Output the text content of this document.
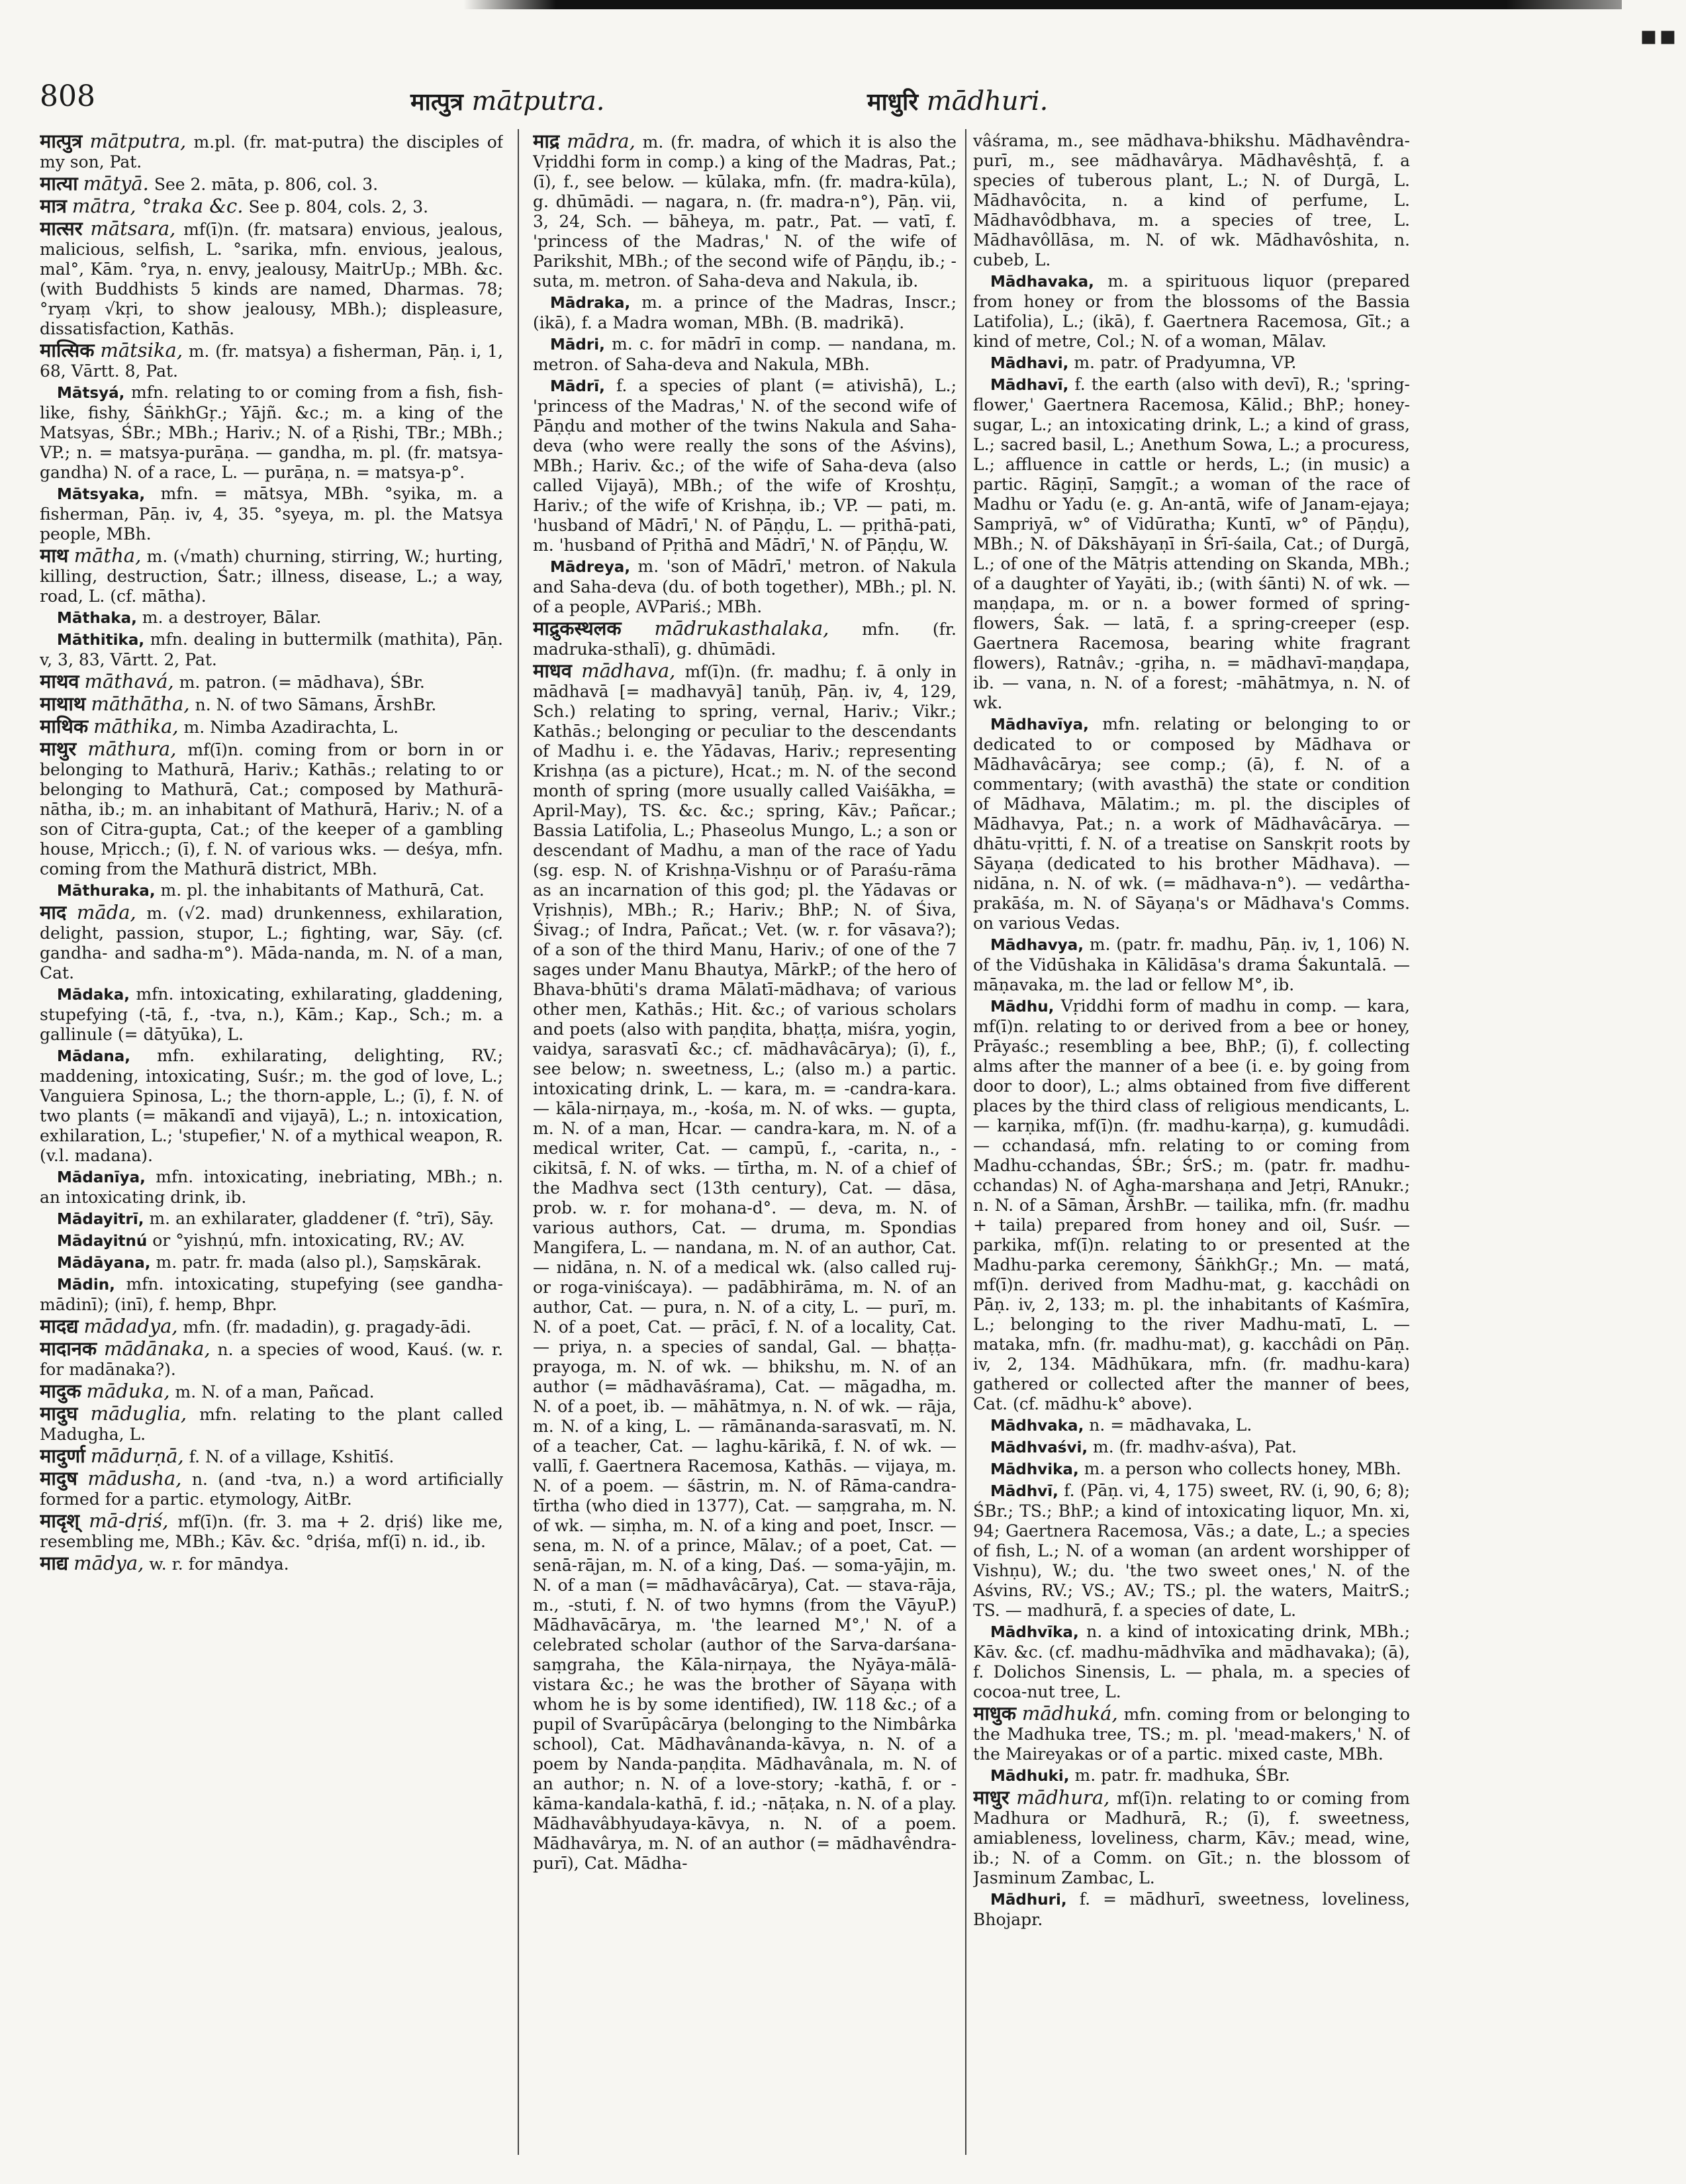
▪ ▪
808	मात्पुत्र mātputra.	माधुरि mādhuri.
मात्पुत्र mātputra, m.pl. (fr. mat-putra) the disciples of my son, Pat.
मात्या mātyā. See 2. māta, p. 806, col. 3.
मात्र mātra, °traka &c. See p. 804, cols. 2, 3.
मात्सर mātsara, mf(ī)n. (fr. matsara) envious, jealous, malicious, selfish, L. °sarika, mfn. envious, jealous, mal°, Kām. °rya, n. envy, jealousy, MaitrUp.; MBh. &c. (with Buddhists 5 kinds are named, Dharmas. 78; °ryaṃ √kṛi, to show jealousy, MBh.); displeasure, dissatisfaction, Kathās.
मात्सिक mātsika, m. (fr. matsya) a fisherman, Pāṇ. i, 1, 68, Vārtt. 8, Pat.
Mātsyá, mfn. relating to or coming from a fish, fish-like, fishy, ŚāṅkhGṛ.; Yājñ. &c.; m. a king of the Matsyas, ŚBr.; MBh.; Hariv.; N. of a Ṛishi, TBr.; MBh.; VP.; n. = matsya-purāṇa. — gandha, m. pl. (fr. matsya-gandha) N. of a race, L. — purāṇa, n. = matsya-p°.
Mātsyaka, mfn. = mātsya, MBh. °syika, m. a fisherman, Pāṇ. iv, 4, 35. °syeya, m. pl. the Matsya people, MBh.
माथ mātha, m. (√math) churning, stirring, W.; hurting, killing, destruction, Śatr.; illness, disease, L.; a way, road, L. (cf. mātha).
Māthaka, m. a destroyer, Bālar.
Māthitika, mfn. dealing in buttermilk (mathita), Pāṇ. v, 3, 83, Vārtt. 2, Pat.
माथव māthavá, m. patron. (= mādhava), ŚBr.
माथाथ māthātha, n. N. of two Sāmans, ĀrshBr.
माथिक māthika, m. Nimba Azadirachta, L.
माथुर māthura, mf(ī)n. coming from or born in or belonging to Mathurā, Hariv.; Kathās.; relating to or belonging to Mathurā, Cat.; composed by Mathurā-nātha, ib.; m. an inhabitant of Mathurā, Hariv.; N. of a son of Citra-gupta, Cat.; of the keeper of a gambling house, Mṛicch.; (ī), f. N. of various wks. — deśya, mfn. coming from the Mathurā district, MBh.
Māthuraka, m. pl. the inhabitants of Mathurā, Cat.
माद māda, m. (√2. mad) drunkenness, exhilaration, delight, passion, stupor, L.; fighting, war, Sāy. (cf. gandha- and sadha-m°). Māda-nanda, m. N. of a man, Cat.
Mādaka, mfn. intoxicating, exhilarating, gladdening, stupefying (-tā, f., -tva, n.), Kām.; Kap., Sch.; m. a gallinule (= dātyūka), L.
Mādana, mfn. exhilarating, delighting, RV.; maddening, intoxicating, Suśr.; m. the god of love, L.; Vanguiera Spinosa, L.; the thorn-apple, L.; (ī), f. N. of two plants (= mākandī and vijayā), L.; n. intoxication, exhilaration, L.; 'stupefier,' N. of a mythical weapon, R. (v.l. madana).
Mādanīya, mfn. intoxicating, inebriating, MBh.; n. an intoxicating drink, ib.
Mādayitrī, m. an exhilarater, gladdener (f. °trī), Sāy.
Mādayitnú or °yishṇú, mfn. intoxicating, RV.; AV.
Mādāyana, m. patr. fr. mada (also pl.), Saṃskārak.
Mādin, mfn. intoxicating, stupefying (see gandha-mādinī); (inī), f. hemp, Bhpr.
मादद्य mādadya, mfn. (fr. madadin), g. pragady-ādi.
मादानक mādānaka, n. a species of wood, Kauś. (w. r. for madānaka?).
मादुक māduka, m. N. of a man, Pañcad.
मादुघ māduglia, mfn. relating to the plant called Madugha, L.
मादुर्णा mādurṇā, f. N. of a village, Kshitīś.
मादुष mādusha, n. (and -tva, n.) a word artificially formed for a partic. etymology, AitBr.
मादृश् mā-dṛiś, mf(ī)n. (fr. 3. ma + 2. dṛiś) like me, resembling me, MBh.; Kāv. &c. °dṛiśa, mf(ī) n. id., ib.
माद्य mādya, w. r. for māndya.
माद्र mādra, m. (fr. madra, of which it is also the Vṛiddhi form in comp.) a king of the Madras, Pat.; (ī), f., see below. — kūlaka, mfn. (fr. madra-kūla), g. dhūmādi. — nagara, n. (fr. madra-n°), Pāṇ. vii, 3, 24, Sch. — bāheya, m. patr., Pat. — vatī, f. 'princess of the Madras,' N. of the wife of Parikshit, MBh.; of the second wife of Pāṇḍu, ib.; -suta, m. metron. of Saha-deva and Nakula, ib.
Mādraka, m. a prince of the Madras, Inscr.; (ikā), f. a Madra woman, MBh. (B. madrikā).
Mādri, m. c. for mādrī in comp. — nandana, m. metron. of Saha-deva and Nakula, MBh.
Mādrī, f. a species of plant (= ativishā), L.; 'princess of the Madras,' N. of the second wife of Pāṇḍu and mother of the twins Nakula and Saha-deva (who were really the sons of the Aśvins), MBh.; Hariv. &c.; of the wife of Saha-deva (also called Vijayā), MBh.; of the wife of Kroshṭu, Hariv.; of the wife of Krishṇa, ib.; VP. — pati, m. 'husband of Mādrī,' N. of Pāṇḍu, L. — pṛithā-pati, m. 'husband of Pṛithā and Mādrī,' N. of Pāṇḍu, W.
Mādreya, m. 'son of Mādrī,' metron. of Nakula and Saha-deva (du. of both together), MBh.; pl. N. of a people, AVPariś.; MBh.
माद्रुकस्थलक mādrukasthalaka, mfn. (fr. madruka-sthalī), g. dhūmādi.
माधव mādhava, mf(ī)n. (fr. madhu; f. ā only in mādhavā [= madhavyā] tanūḥ, Pāṇ. iv, 4, 129, Sch.) relating to spring, vernal, Hariv.; Vikr.; Kathās.; belonging or peculiar to the descendants of Madhu i. e. the Yādavas, Hariv.; representing Krishṇa (as a picture), Hcat.; m. N. of the second month of spring (more usually called Vaiśākha, = April-May), TS. &c. &c.; spring, Kāv.; Pañcar.; Bassia Latifolia, L.; Phaseolus Mungo, L.; a son or descendant of Madhu, a man of the race of Yadu (sg. esp. N. of Krishṇa-Vishṇu or of Paraśu-rāma as an incarnation of this god; pl. the Yādavas or Vṛishṇis), MBh.; R.; Hariv.; BhP.; N. of Śiva, Śivag.; of Indra, Pañcat.; Vet. (w. r. for vāsava?); of a son of the third Manu, Hariv.; of one of the 7 sages under Manu Bhautya, MārkP.; of the hero of Bhava-bhūti's drama Mālatī-mādhava; of various other men, Kathās.; Hit. &c.; of various scholars and poets (also with paṇḍita, bhaṭṭa, miśra, yogin, vaidya, sarasvatī &c.; cf. mādhavâcārya); (ī), f., see below; n. sweetness, L.; (also m.) a partic. intoxicating drink, L. — kara, m. = -candra-kara. — kāla-nirṇaya, m., -kośa, m. N. of wks. — gupta, m. N. of a man, Hcar. — candra-kara, m. N. of a medical writer, Cat. — campū, f., -carita, n., -cikitsā, f. N. of wks. — tīrtha, m. N. of a chief of the Madhva sect (13th century), Cat. — dāsa, prob. w. r. for mohana-d°. — deva, m. N. of various authors, Cat. — druma, m. Spondias Mangifera, L. — nandana, m. N. of an author, Cat. — nidāna, n. N. of a medical wk. (also called ruj- or roga-viniścaya). — padābhirāma, m. N. of an author, Cat. — pura, n. N. of a city, L. — purī, m. N. of a poet, Cat. — prācī, f. N. of a locality, Cat. — priya, n. a species of sandal, Gal. — bhaṭṭa-prayoga, m. N. of wk. — bhikshu, m. N. of an author (= mādhavāśrama), Cat. — māgadha, m. N. of a poet, ib. — māhātmya, n. N. of wk. — rāja, m. N. of a king, L. — rāmānanda-sarasvatī, m. N. of a teacher, Cat. — laghu-kārikā, f. N. of wk. — vallī, f. Gaertnera Racemosa, Kathās. — vijaya, m. N. of a poem. — śāstrin, m. N. of Rāma-candra-tīrtha (who died in 1377), Cat. — saṃgraha, m. N. of wk. — siṃha, m. N. of a king and poet, Inscr. — sena, m. N. of a prince, Mālav.; of a poet, Cat. — senā-rājan, m. N. of a king, Daś. — soma-yājin, m. N. of a man (= mādhavâcārya), Cat. — stava-rāja, m., -stuti, f. N. of two hymns (from the VāyuP.) Mādhavācārya, m. 'the learned M°,' N. of a celebrated scholar (author of the Sarva-darśana-saṃgraha, the Kāla-nirṇaya, the Nyāya-mālā-vistara &c.; he was the brother of Sāyaṇa with whom he is by some identified), IW. 118 &c.; of a pupil of Svarūpâcārya (belonging to the Nimbârka school), Cat. Mādhavânanda-kāvya, n. N. of a poem by Nanda-paṇḍita. Mādhavânala, m. N. of an author; n. N. of a love-story; -kathā, f. or -kāma-kandala-kathā, f. id.; -nāṭaka, n. N. of a play. Mādhavâbhyudaya-kāvya, n. N. of a poem. Mādhavârya, m. N. of an author (= mādhavêndra-purī), Cat. Mādha-
vâśrama, m., see mādhava-bhikshu. Mādhavêndra-purī, m., see mādhavârya. Mādhavêshṭā, f. a species of tuberous plant, L.; N. of Durgā, L. Mādhavôcita, n. a kind of perfume, L. Mādhavôdbhava, m. a species of tree, L. Mādhavôllāsa, m. N. of wk. Mādhavôshita, n. cubeb, L.
Mādhavaka, m. a spirituous liquor (prepared from honey or from the blossoms of the Bassia Latifolia), L.; (ikā), f. Gaertnera Racemosa, Gīt.; a kind of metre, Col.; N. of a woman, Mālav.
Mādhavi, m. patr. of Pradyumna, VP.
Mādhavī, f. the earth (also with devī), R.; 'spring-flower,' Gaertnera Racemosa, Kālid.; BhP.; honey-sugar, L.; an intoxicating drink, L.; a kind of grass, L.; sacred basil, L.; Anethum Sowa, L.; a procuress, L.; affluence in cattle or herds, L.; (in music) a partic. Rāgiṇī, Saṃgīt.; a woman of the race of Madhu or Yadu (e. g. An-antā, wife of Janam-ejaya; Sampriyā, w° of Vidūratha; Kuntī, w° of Pāṇḍu), MBh.; N. of Dākshāyaṇī in Śrī-śaila, Cat.; of Durgā, L.; of one of the Mātṛis attending on Skanda, MBh.; of a daughter of Yayāti, ib.; (with śānti) N. of wk. — maṇḍapa, m. or n. a bower formed of spring-flowers, Śak. — latā, f. a spring-creeper (esp. Gaertnera Racemosa, bearing white fragrant flowers), Ratnâv.; -gṛiha, n. = mādhavī-maṇḍapa, ib. — vana, n. N. of a forest; -māhātmya, n. N. of wk.
Mādhavīya, mfn. relating or belonging to or dedicated to or composed by Mādhava or Mādhavâcārya; see comp.; (ā), f. N. of a commentary; (with avasthā) the state or condition of Mādhava, Mālatim.; m. pl. the disciples of Mādhavya, Pat.; n. a work of Mādhavâcārya. — dhātu-vṛitti, f. N. of a treatise on Sanskṛit roots by Sāyaṇa (dedicated to his brother Mādhava). — nidāna, n. N. of wk. (= mādhava-n°). — vedârtha-prakāśa, m. N. of Sāyaṇa's or Mādhava's Comms. on various Vedas.
Mādhavya, m. (patr. fr. madhu, Pāṇ. iv, 1, 106) N. of the Vidūshaka in Kālidāsa's drama Śakuntalā. — māṇavaka, m. the lad or fellow M°, ib.
Mādhu, Vṛiddhi form of madhu in comp. — kara, mf(ī)n. relating to or derived from a bee or honey, Prāyaśc.; resembling a bee, BhP.; (ī), f. collecting alms after the manner of a bee (i. e. by going from door to door), L.; alms obtained from five different places by the third class of religious mendicants, L. — karṇika, mf(ī)n. (fr. madhu-karṇa), g. kumudâdi. — cchandasá, mfn. relating to or coming from Madhu-cchandas, ŚBr.; ŚrS.; m. (patr. fr. madhu-cchandas) N. of Agha-marshaṇa and Jetṛi, RAnukr.; n. N. of a Sāman, ĀrshBr. — tailika, mfn. (fr. madhu + taila) prepared from honey and oil, Suśr. — parkika, mf(ī)n. relating to or presented at the Madhu-parka ceremony, ŚāṅkhGṛ.; Mn. — matá, mf(ī)n. derived from Madhu-mat, g. kacchâdi on Pāṇ. iv, 2, 133; m. pl. the inhabitants of Kaśmīra, L.; belonging to the river Madhu-matī, L. — mataka, mfn. (fr. madhu-mat), g. kacchâdi on Pāṇ. iv, 2, 134. Mādhūkara, mfn. (fr. madhu-kara) gathered or collected after the manner of bees, Cat. (cf. mādhu-k° above).
Mādhvaka, n. = mādhavaka, L.
Mādhvaśvi, m. (fr. madhv-aśva), Pat.
Mādhvika, m. a person who collects honey, MBh.
Mādhvī, f. (Pāṇ. vi, 4, 175) sweet, RV. (i, 90, 6; 8); ŚBr.; TS.; BhP.; a kind of intoxicating liquor, Mn. xi, 94; Gaertnera Racemosa, Vās.; a date, L.; a species of fish, L.; N. of a woman (an ardent worshipper of Vishṇu), W.; du. 'the two sweet ones,' N. of the Aśvins, RV.; VS.; AV.; TS.; pl. the waters, MaitrS.; TS. — madhurā, f. a species of date, L.
Mādhvīka, n. a kind of intoxicating drink, MBh.; Kāv. &c. (cf. madhu-mādhvīka and mādhavaka); (ā), f. Dolichos Sinensis, L. — phala, m. a species of cocoa-nut tree, L.
माधुक mādhuká, mfn. coming from or belonging to the Madhuka tree, TS.; m. pl. 'mead-makers,' N. of the Maireyakas or of a partic. mixed caste, MBh.
Mādhuki, m. patr. fr. madhuka, ŚBr.
माधुर mādhura, mf(ī)n. relating to or coming from Madhura or Madhurā, R.; (ī), f. sweetness, amiableness, loveliness, charm, Kāv.; mead, wine, ib.; N. of a Comm. on Gīt.; n. the blossom of Jasminum Zambac, L.
Mādhuri, f. = mādhurī, sweetness, loveliness, Bhojapr.
